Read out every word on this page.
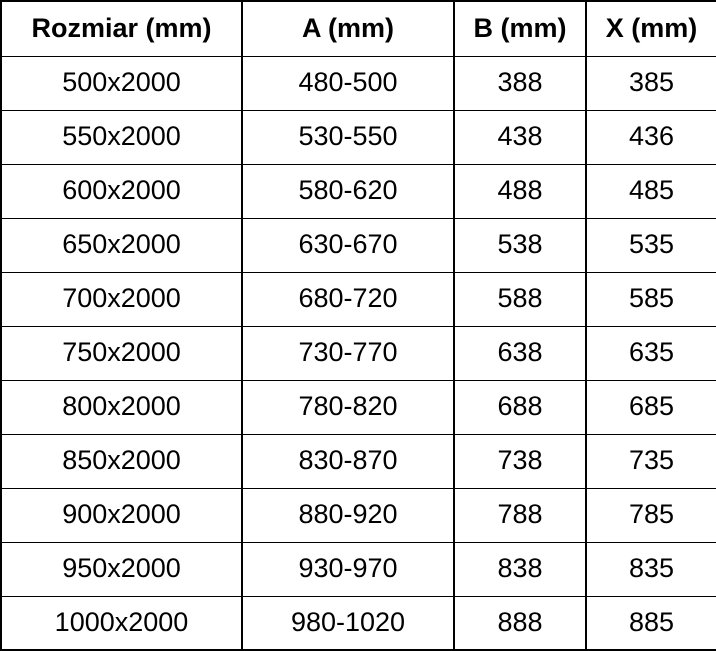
Rozmiar (mm)	A (mm)	B (mm)	X (mm)
500x2000	480-500	388	385
550x2000	530-550	438	436
600x2000	580-620	488	485
650x2000	630-670	538	535
700x2000	680-720	588	585
750x2000	730-770	638	635
800x2000	780-820	688	685
850x2000	830-870	738	735
900x2000	880-920	788	785
950x2000	930-970	838	835
1000x2000	980-1020	888	885
